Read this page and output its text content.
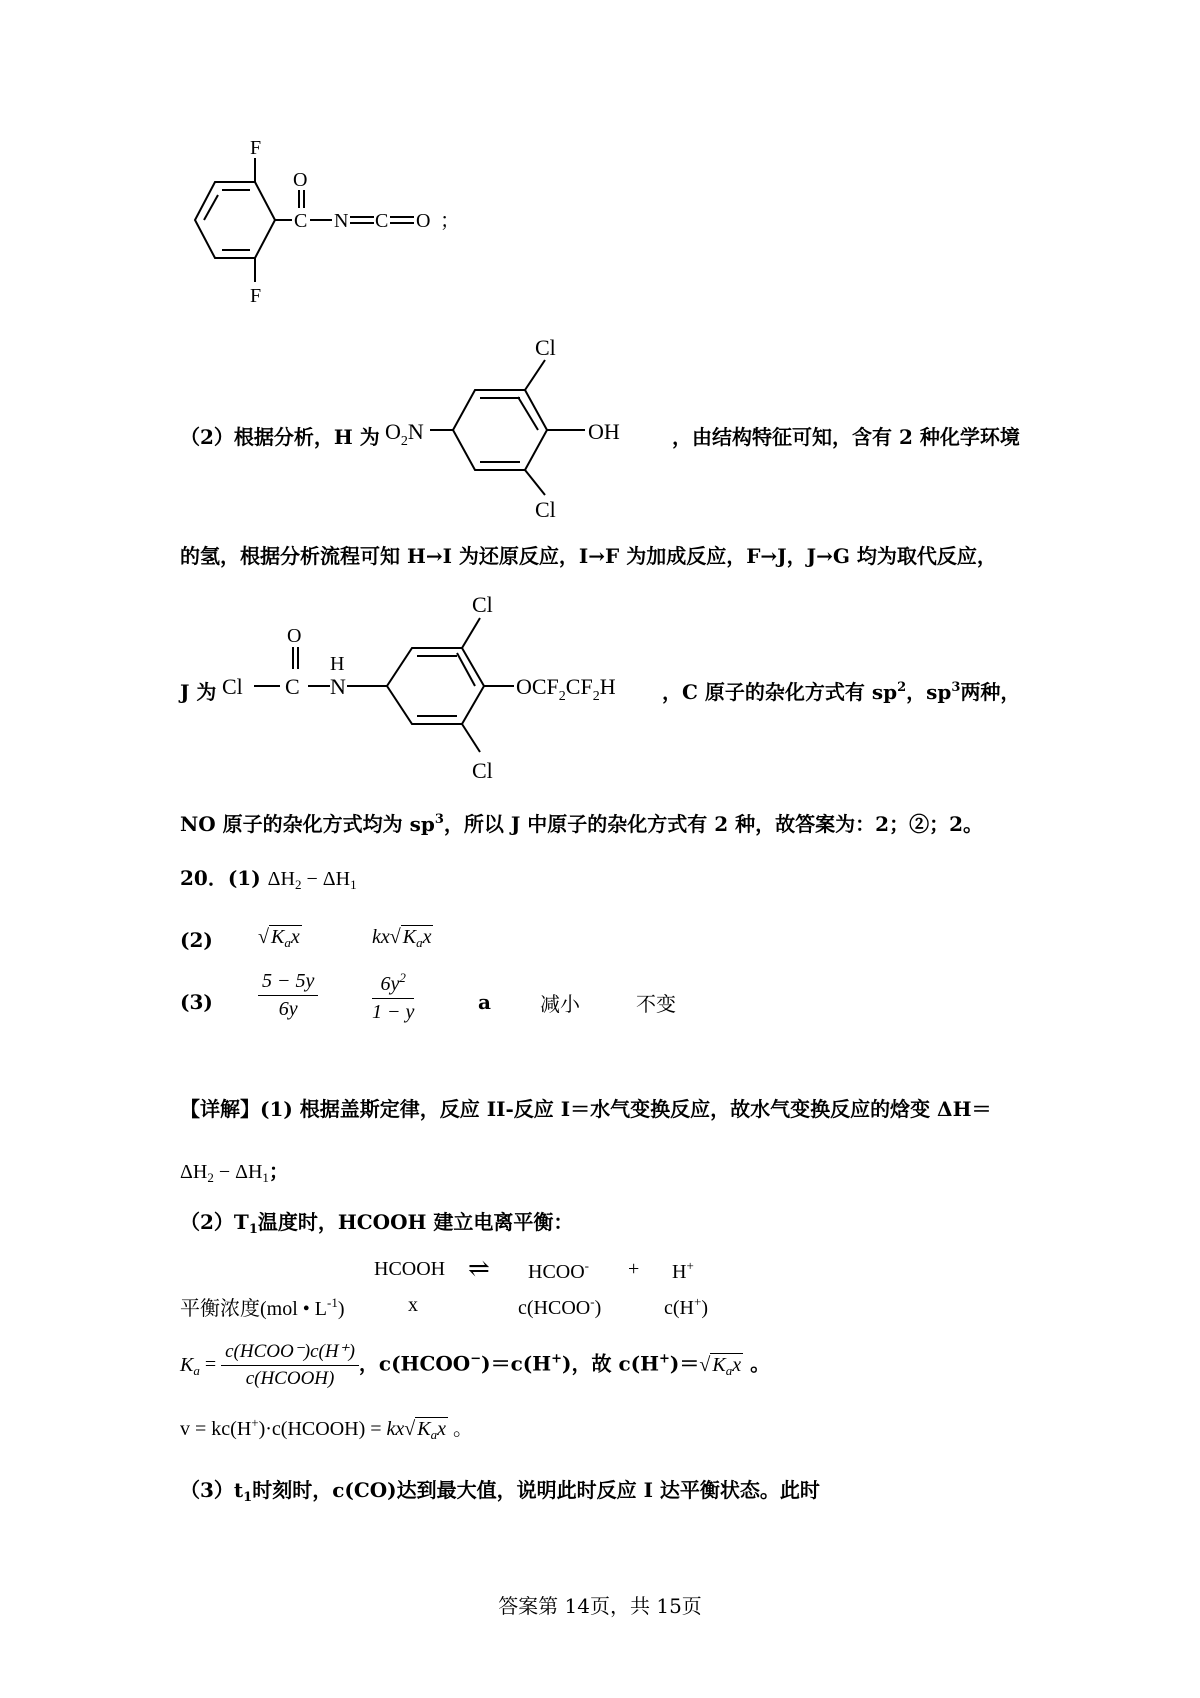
F
F
O
C N C O ；
（2）根据分析，H 为
Cl
Cl
$O_2N$	OH	，由结构特征可知，含有 2 种化学环境
的氢，根据分析流程可知 H→I 为还原反应，I→F 为加成反应，F→J，J→G 均为取代反应，
J 为 Cl
O
C
H
N
Cl
Cl
$OCF_2CF_2H$ ，C 原子的杂化方式有 $sp^2$，$sp^3$两种，
NO 原子的杂化方式均为 $sp^3$，所以 J 中原子的杂化方式有 2 种，故答案为：2；②；2。
20．(1) $\Delta H_2 - \Delta H_1$
(2) √ $K_ax$	kx√ $K_ax$
$(3) \frac{5 - 5y}{6y}$	$\frac{6y^2}{1 - y}$	a 减小	不变
【详解】(1) 根据盖斯定律，反应 II-反应 I＝水气变换反应，故水气变换反应的焓变 ΔH＝
$\Delta H_2 - \Delta H_1$；
$(2)T_1$温度时，HCOOH 建立电离平衡：
HCOOH ⇌ HCOO- + H+
平衡浓度(mol • $L^{-1}$)	x	c(HCOO-)	c(H+)
$K_a = \frac{\text{c(HCOO⁻)c(H⁺)}}{\text{c(HCOOH)}}$ ，c(HCOO−)＝c(H+)，故 c(H+)＝√ $K_ax$ 。
v = kc(H+)·c(HCOOH) = kx√ $K_ax$ 。
$(3)t_1$时刻时，c(CO)达到最大值，说明此时反应 I 达平衡状态。此时
答案第 14页，共 15页
